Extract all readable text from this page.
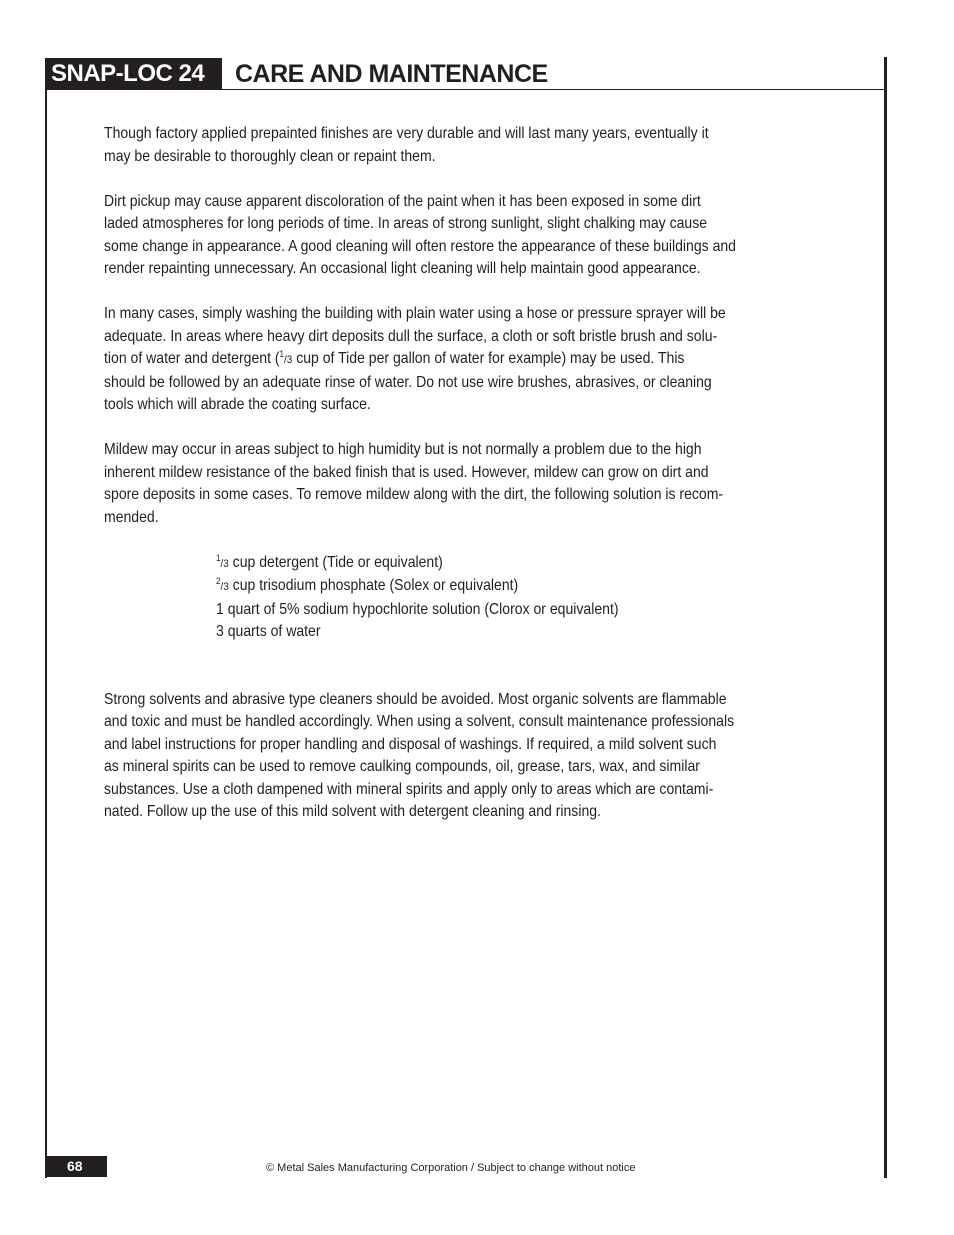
SNAP-LOC 24	CARE AND MAINTENANCE

Though factory applied prepainted finishes are very durable and will last many years, eventually it
may be desirable to thoroughly clean or repaint them.

Dirt pickup may cause apparent discoloration of the paint when it has been exposed in some dirt
laded atmospheres for long periods of time. In areas of strong sunlight, slight chalking may cause
some change in appearance. A good cleaning will often restore the appearance of these buildings and
render repainting unnecessary. An occasional light cleaning will help maintain good appearance.

In many cases, simply washing the building with plain water using a hose or pressure sprayer will be
adequate. In areas where heavy dirt deposits dull the surface, a cloth or soft bristle brush and solu-
tion of water and detergent ($^1$/3 cup of Tide per gallon of water for example) may be used. This
should be followed by an adequate rinse of water. Do not use wire brushes, abrasives, or cleaning
tools which will abrade the coating surface.

Mildew may occur in areas subject to high humidity but is not normally a problem due to the high
inherent mildew resistance of the baked finish that is used. However, mildew can grow on dirt and
spore deposits in some cases. To remove mildew along with the dirt, the following solution is recom-
mended.

$^1$/3 cup detergent (Tide or equivalent)
$^2$/3 cup trisodium phosphate (Solex or equivalent)
1 quart of 5% sodium hypochlorite solution (Clorox or equivalent)
3 quarts of water

Strong solvents and abrasive type cleaners should be avoided. Most organic solvents are flammable
and toxic and must be handled accordingly. When using a solvent, consult maintenance professionals
and label instructions for proper handling and disposal of washings. If required, a mild solvent such
as mineral spirits can be used to remove caulking compounds, oil, grease, tars, wax, and similar
substances. Use a cloth dampened with mineral spirits and apply only to areas which are contami-
nated. Follow up the use of this mild solvent with detergent cleaning and rinsing.

68	© Metal Sales Manufacturing Corporation / Subject to change without notice
